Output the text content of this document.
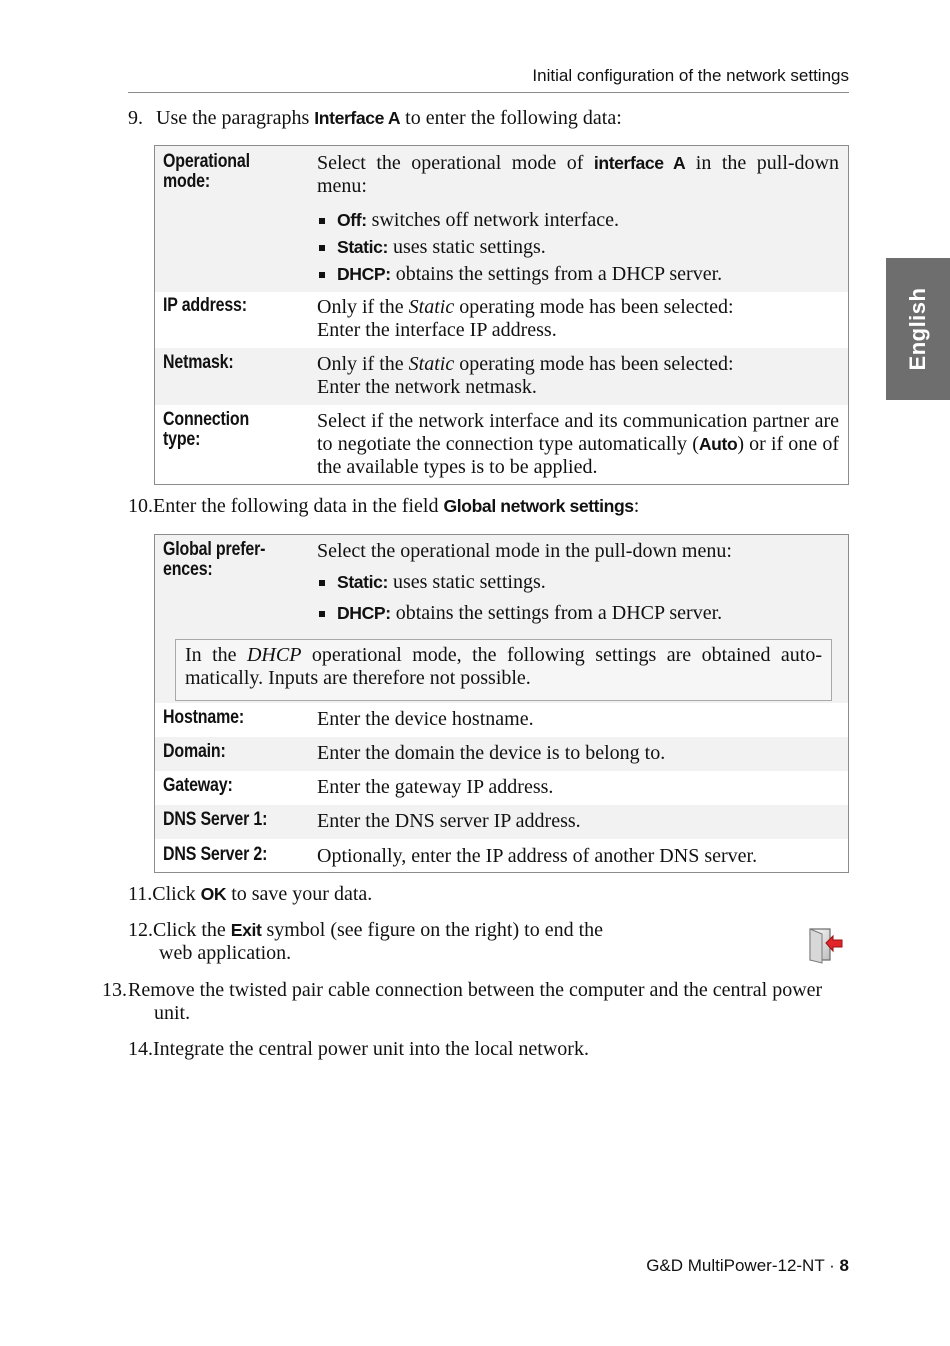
Initial configuration of the network settings
English
9. Use the paragraphs Interface A to enter the following data:
Operational
mode:
Select the operational mode of interface A in the pull-down menu:
Off: switches off network interface.
Static: uses static settings.
DHCP: obtains the settings from a DHCP server.
IP address:	Only if the Static operating mode has been selected:
Enter the interface IP address.
Netmask:	Only if the Static operating mode has been selected:
Enter the network netmask.
Connection
type:
Select if the network interface and its communication partner are to negotiate the connection type automatically (Auto) or if one of the available types is to be applied.
10.Enter the following data in the field Global network settings:
Global prefer-
ences:
Select the operational mode in the pull-down menu:
Static: uses static settings.
DHCP: obtains the settings from a DHCP server.
In the DHCP operational mode, the following settings are obtained automatically. Inputs are therefore not possible.
Hostname:	Enter the device hostname.
Domain:	Enter the domain the device is to belong to.
Gateway:	Enter the gateway IP address.
DNS Server 1:	Enter the DNS server IP address.
DNS Server 2:	Optionally, enter the IP address of another DNS server.
11.Click OK to save your data.
12.Click the Exit symbol (see figure on the right) to end the
web application.
13.Remove the twisted pair cable connection between the computer and the central power unit.
14.Integrate the central power unit into the local network.
G&D MultiPower-12-NT · 8
